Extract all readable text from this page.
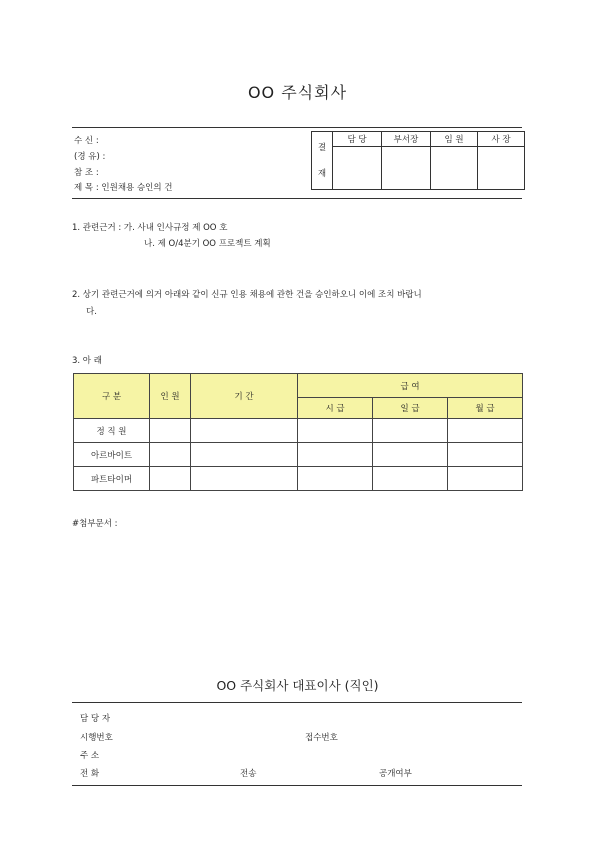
OO 주식회사
수 신 :
(경 유) :
참 조 :
제 목 : 인원채용 승인의 건
결
재	담 당	부서장	임 원	사 장

1. 관련근거 : 가. 사내 인사규정 제 OO 호
나. 제 O/4분기 OO 프로젝트 계획
2. 상기 관련근거에 의거 아래와 같이 신규 인용 채용에 관한 건을 승인하오니 이에 조치 바랍니
다.
3. 아 래
구 분	인 원	기 간	급 여		
			시 급	일 급	월 급
정 직 원					
아르바이트					
파트타이머					
#첨부문서 :
OO 주식회사 대표이사 (직인)
담 당 자
시행번호	접수번호
주 소
전 화	전송	공개여부
